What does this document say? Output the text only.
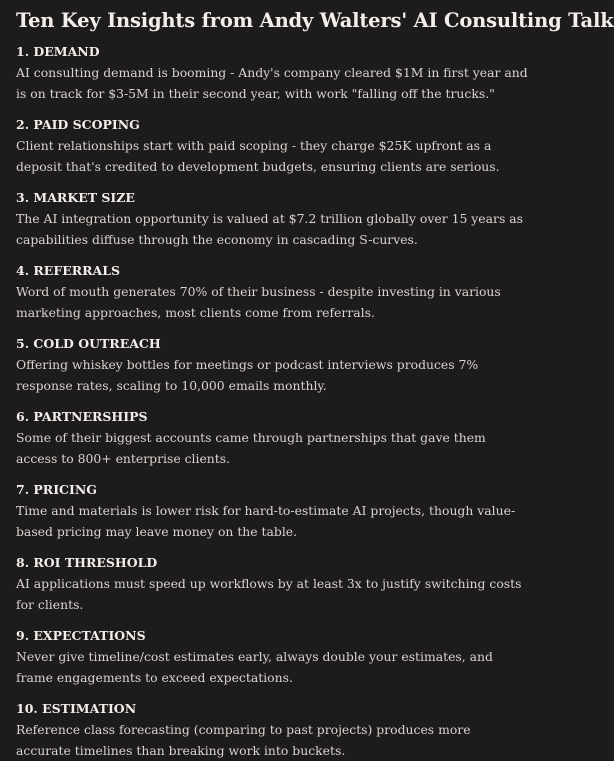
Ten Key Insights from Andy Walters' AI Consulting Talk
1. DEMAND

AI consulting demand is booming - Andy's company cleared $1M in first year and is on track for $3-5M in their second year, with work "falling off the trucks."

2. PAID SCOPING

Client relationships start with paid scoping - they charge $25K upfront as a deposit that's credited to development budgets, ensuring clients are serious.

3. MARKET SIZE

The AI integration opportunity is valued at $7.2 trillion globally over 15 years as capabilities diffuse through the economy in cascading S-curves.

4. REFERRALS

Word of mouth generates 70% of their business - despite investing in various marketing approaches, most clients come from referrals.

5. COLD OUTREACH

Offering whiskey bottles for meetings or podcast interviews produces 7% response rates, scaling to 10,000 emails monthly.

6. PARTNERSHIPS

Some of their biggest accounts came through partnerships that gave them access to 800+ enterprise clients.

7. PRICING

Time and materials is lower risk for hard-to-estimate AI projects, though value-based pricing may leave money on the table.

8. ROI THRESHOLD

AI applications must speed up workflows by at least 3x to justify switching costs for clients.

9. EXPECTATIONS

Never give timeline/cost estimates early, always double your estimates, and frame engagements to exceed expectations.

10. ESTIMATION

Reference class forecasting (comparing to past projects) produces more accurate timelines than breaking work into buckets.
